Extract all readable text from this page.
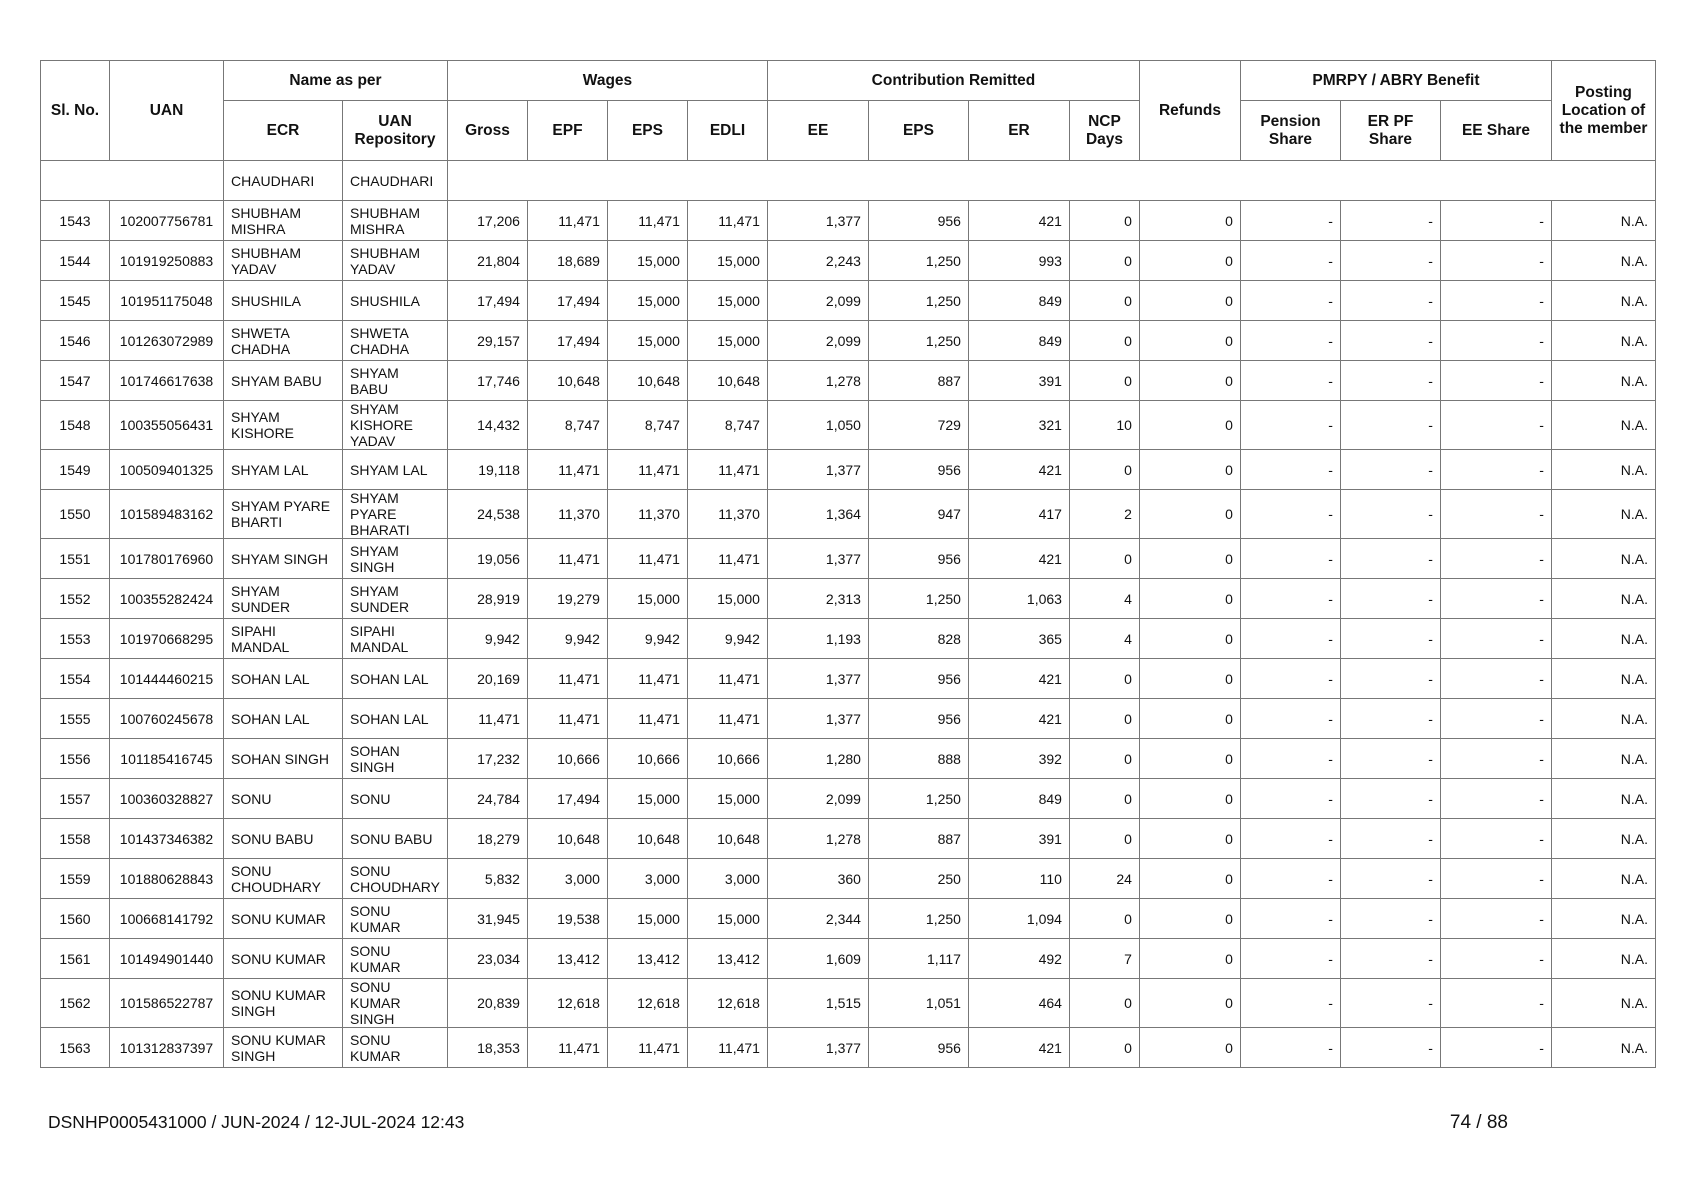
Sl. No.	UAN	Name as per		Wages				Contribution Remitted				Refunds	PMRPY / ABRY Benefit			Posting Location of the member
		ECR	UAN Repository	Gross	EPF	EPS	EDLI	EE	EPS	ER	NCP Days		Pension Share	ER PF Share	EE Share	
		CHAUDHARI	CHAUDHARI													
1543	102007756781	SHUBHAM MISHRA	SHUBHAM MISHRA	17,206	11,471	11,471	11,471	1,377	956	421	0	0	-	-	-	N.A.
1544	101919250883	SHUBHAM YADAV	SHUBHAM YADAV	21,804	18,689	15,000	15,000	2,243	1,250	993	0	0	-	-	-	N.A.
1545	101951175048	SHUSHILA	SHUSHILA	17,494	17,494	15,000	15,000	2,099	1,250	849	0	0	-	-	-	N.A.
1546	101263072989	SHWETA CHADHA	SHWETA CHADHA	29,157	17,494	15,000	15,000	2,099	1,250	849	0	0	-	-	-	N.A.
1547	101746617638	SHYAM BABU	SHYAM BABU	17,746	10,648	10,648	10,648	1,278	887	391	0	0	-	-	-	N.A.
1548	100355056431	SHYAM KISHORE	SHYAM KISHORE YADAV	14,432	8,747	8,747	8,747	1,050	729	321	10	0	-	-	-	N.A.
1549	100509401325	SHYAM LAL	SHYAM LAL	19,118	11,471	11,471	11,471	1,377	956	421	0	0	-	-	-	N.A.
1550	101589483162	SHYAM PYARE BHARTI	SHYAM PYARE BHARATI	24,538	11,370	11,370	11,370	1,364	947	417	2	0	-	-	-	N.A.
1551	101780176960	SHYAM SINGH	SHYAM SINGH	19,056	11,471	11,471	11,471	1,377	956	421	0	0	-	-	-	N.A.
1552	100355282424	SHYAM SUNDER	SHYAM SUNDER	28,919	19,279	15,000	15,000	2,313	1,250	1,063	4	0	-	-	-	N.A.
1553	101970668295	SIPAHI MANDAL	SIPAHI MANDAL	9,942	9,942	9,942	9,942	1,193	828	365	4	0	-	-	-	N.A.
1554	101444460215	SOHAN LAL	SOHAN LAL	20,169	11,471	11,471	11,471	1,377	956	421	0	0	-	-	-	N.A.
1555	100760245678	SOHAN LAL	SOHAN LAL	11,471	11,471	11,471	11,471	1,377	956	421	0	0	-	-	-	N.A.
1556	101185416745	SOHAN SINGH	SOHAN SINGH	17,232	10,666	10,666	10,666	1,280	888	392	0	0	-	-	-	N.A.
1557	100360328827	SONU	SONU	24,784	17,494	15,000	15,000	2,099	1,250	849	0	0	-	-	-	N.A.
1558	101437346382	SONU BABU	SONU BABU	18,279	10,648	10,648	10,648	1,278	887	391	0	0	-	-	-	N.A.
1559	101880628843	SONU CHOUDHARY	SONU CHOUDHARY	5,832	3,000	3,000	3,000	360	250	110	24	0	-	-	-	N.A.
1560	100668141792	SONU KUMAR	SONU KUMAR	31,945	19,538	15,000	15,000	2,344	1,250	1,094	0	0	-	-	-	N.A.
1561	101494901440	SONU KUMAR	SONU KUMAR	23,034	13,412	13,412	13,412	1,609	1,117	492	7	0	-	-	-	N.A.
1562	101586522787	SONU KUMAR SINGH	SONU KUMAR SINGH	20,839	12,618	12,618	12,618	1,515	1,051	464	0	0	-	-	-	N.A.
1563	101312837397	SONU KUMAR SINGH	SONU KUMAR	18,353	11,471	11,471	11,471	1,377	956	421	0	0	-	-	-	N.A.
DSNHP0005431000 / JUN-2024 / 12-JUL-2024 12:43	74 / 88
